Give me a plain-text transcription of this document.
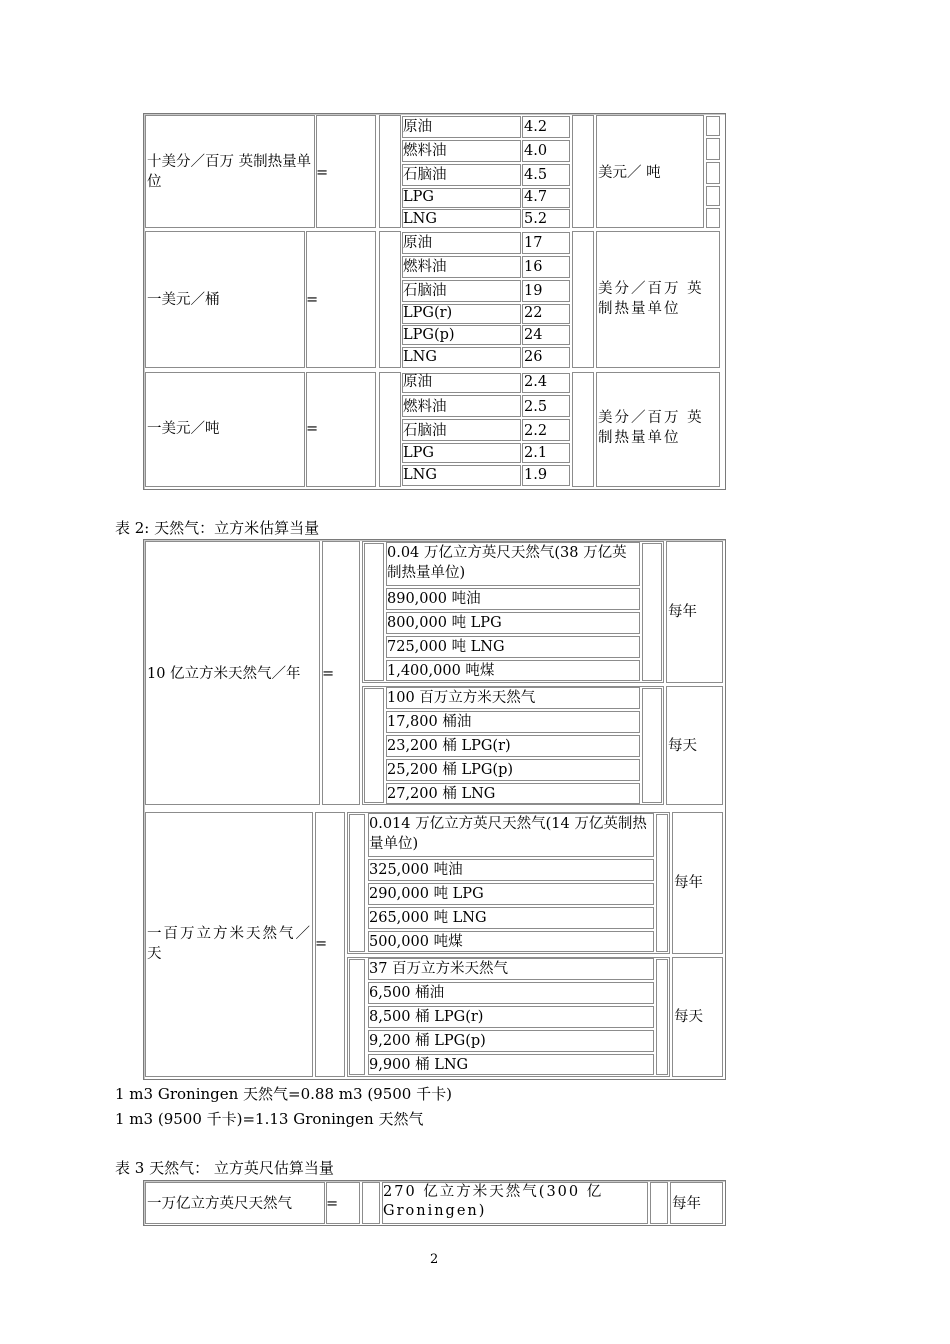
十美分／百万 英制热量单位
=
原油	4.2
燃料油	4.0
石脑油	4.5
LPG	4.7
LNG	5.2
美元／ 吨
一美元／桶	=
原油	17
燃料油	16
石脑油	19
LPG(r)	22
LPG(p)	24
LNG	26
美分／百万 英制热量单位
一美元／吨	=
原油	2.4
燃料油	2.5
石脑油	2.2
LPG	2.1
LNG	1.9
美分／百万 英制热量单位
表 2: 天然气：立方米估算当量
10 亿立方米天然气／年 =
0.04 万亿立方英尺天然气(38 万亿英制热量单位)
890,000 吨油
800,000 吨 LPG
725,000 吨 LNG
1,400,000 吨煤
每年
100 百万立方米天然气
17,800 桶油
23,200 桶 LPG(r)
25,200 桶 LPG(p)
27,200 桶 LNG
每天
一百万立方米天然气／天
=
0.014 万亿立方英尺天然气(14 万亿英制热量单位)
325,000 吨油
290,000 吨 LPG
265,000 吨 LNG
500,000 吨煤
每年
37 百万立方米天然气
6,500 桶油
8,500 桶 LPG(r)
9,200 桶 LPG(p)
9,900 桶 LNG
每天
1 m3 Groningen 天然气=0.88 m3 (9500 千卡)
1 m3 (9500 千卡)=1.13 Groningen 天然气
表 3 天然气： 立方英尺估算当量
一万亿立方英尺天然气 =
270 亿立方米天然气(300 亿 Groningen)	每年
2
